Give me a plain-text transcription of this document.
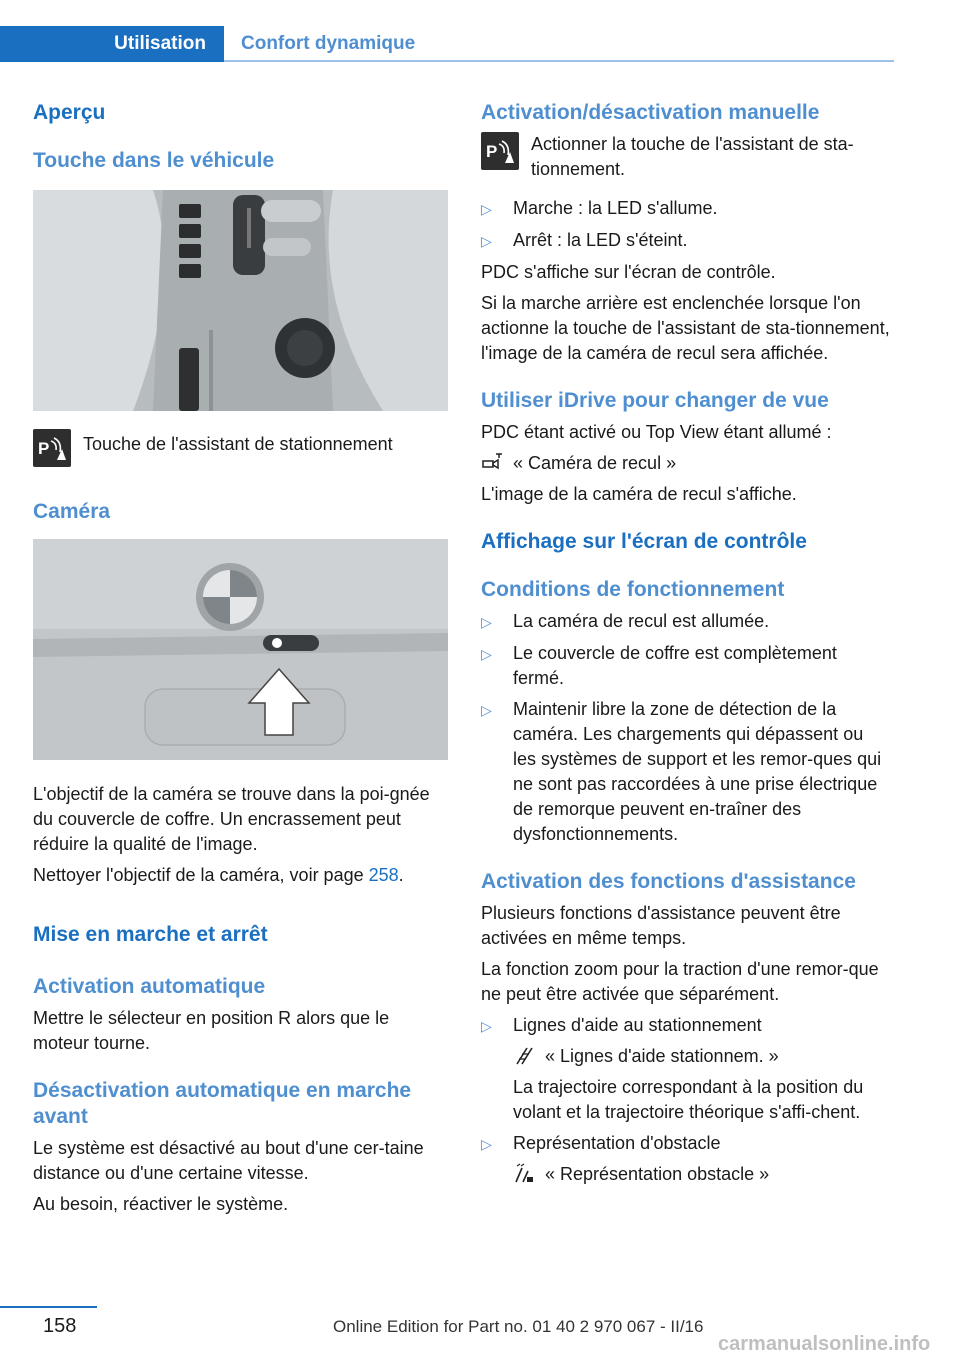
Utilisation	Confort dynamique
Aperçu
Touche dans le véhicule
P Touche de l'assistant de stationnement

Caméra

L'objectif de la caméra se trouve dans la poi‐gnée du couvercle de coffre. Un encrassement peut réduire la qualité de l'image.

Nettoyer l'objectif de la caméra, voir page 258.

Mise en marche et arrêt
Activation automatique

Mettre le sélecteur en position R alors que le moteur tourne.

Désactivation automatique en marche avant

Le système est désactivé au bout d'une cer‐taine distance ou d'une certaine vitesse.

Au besoin, réactiver le système.

Activation/désactivation manuelle
P Actionner la touche de l'assistant de sta‐tionnement.

▷	Marche : la LED s'allume.
▷	Arrêt : la LED s'éteint.

PDC s'affiche sur l'écran de contrôle.

Si la marche arrière est enclenchée lorsque l'on actionne la touche de l'assistant de sta‐tionnement, l'image de la caméra de recul sera affichée.

Utiliser iDrive pour changer de vue

PDC étant activé ou Top View étant allumé :

« Caméra de recul »

L'image de la caméra de recul s'affiche.

Affichage sur l'écran de contrôle
Conditions de fonctionnement
▷	La caméra de recul est allumée.
▷	Le couvercle de coffre est complètement fermé.
▷	Maintenir libre la zone de détection de la caméra. Les chargements qui dépassent ou les systèmes de support et les remor‐ques qui ne sont pas raccordées à une prise électrique de remorque peuvent en‐traîner des dysfonctionnements.
Activation des fonctions d'assistance

Plusieurs fonctions d'assistance peuvent être activées en même temps.

La fonction zoom pour la traction d'une remor‐que ne peut être activée que séparément.

▷	Lignes d'aide au stationnement
« Lignes d'aide stationnem. »
La trajectoire correspondant à la position du volant et la trajectoire théorique s'affi‐chent.
▷	Représentation d'obstacle
« Représentation obstacle »
158	Online Edition for Part no. 01 40 2 970 067 - II/16
carmanualsonline.info
